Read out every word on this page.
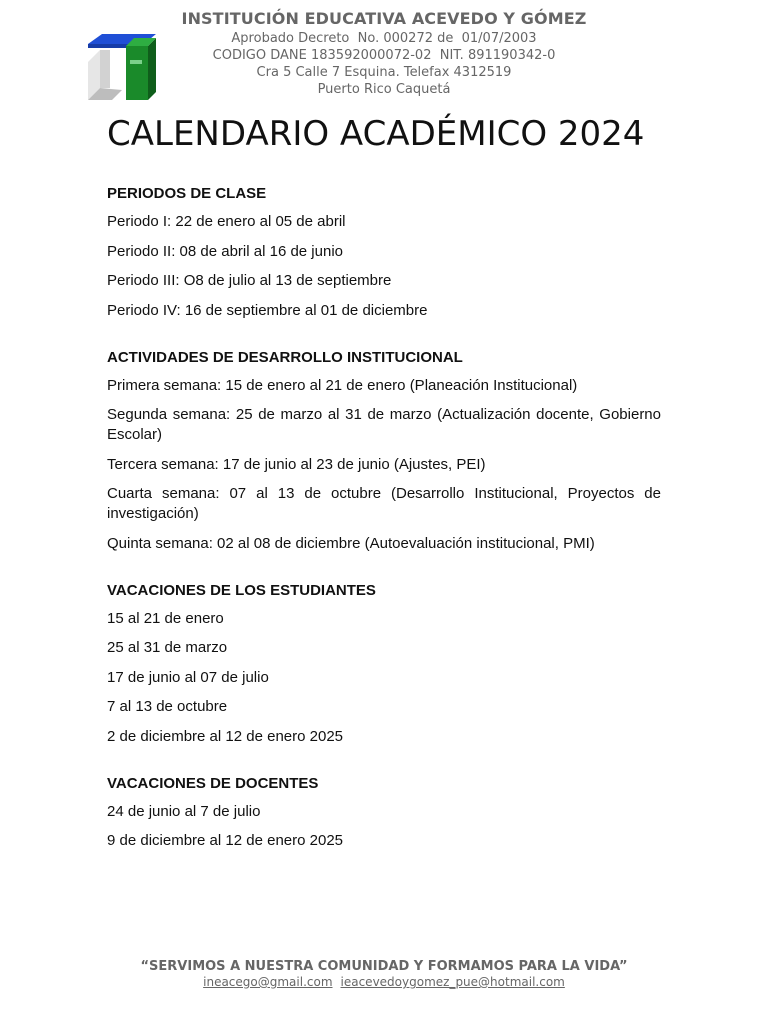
INSTITUCIÓN EDUCATIVA ACEVEDO Y GÓMEZ
Aprobado Decreto  No. 000272 de  01/07/2003
CODIGO DANE 183592000072-02  NIT. 891190342-0
Cra 5 Calle 7 Esquina. Telefax 4312519
Puerto Rico Caquetá
CALENDARIO ACADÉMICO 2024
PERIODOS DE CLASE
Periodo I: 22 de enero al 05 de abril
Periodo II: 08 de abril al 16 de junio
Periodo III: O8 de julio al 13 de septiembre
Periodo IV: 16 de septiembre al 01 de diciembre
ACTIVIDADES DE DESARROLLO INSTITUCIONAL
Primera semana: 15 de enero al 21 de enero (Planeación Institucional)
Segunda semana: 25 de marzo al 31 de marzo (Actualización docente, Gobierno Escolar)
Tercera semana: 17 de junio al 23 de junio (Ajustes, PEI)
Cuarta semana: 07 al 13 de octubre (Desarrollo Institucional, Proyectos de investigación)
Quinta semana: 02 al 08 de diciembre (Autoevaluación institucional, PMI)
VACACIONES DE LOS ESTUDIANTES
15 al 21 de enero
25 al 31 de marzo
17 de junio al 07 de julio
7 al 13 de octubre
2 de diciembre al 12 de enero 2025
VACACIONES DE DOCENTES
24 de junio al 7 de julio
9 de diciembre al 12 de enero 2025
“SERVIMOS A NUESTRA COMUNIDAD Y FORMAMOS PARA LA VIDA”
ineacego@gmail.com ieacevedoygomez_pue@hotmail.com
